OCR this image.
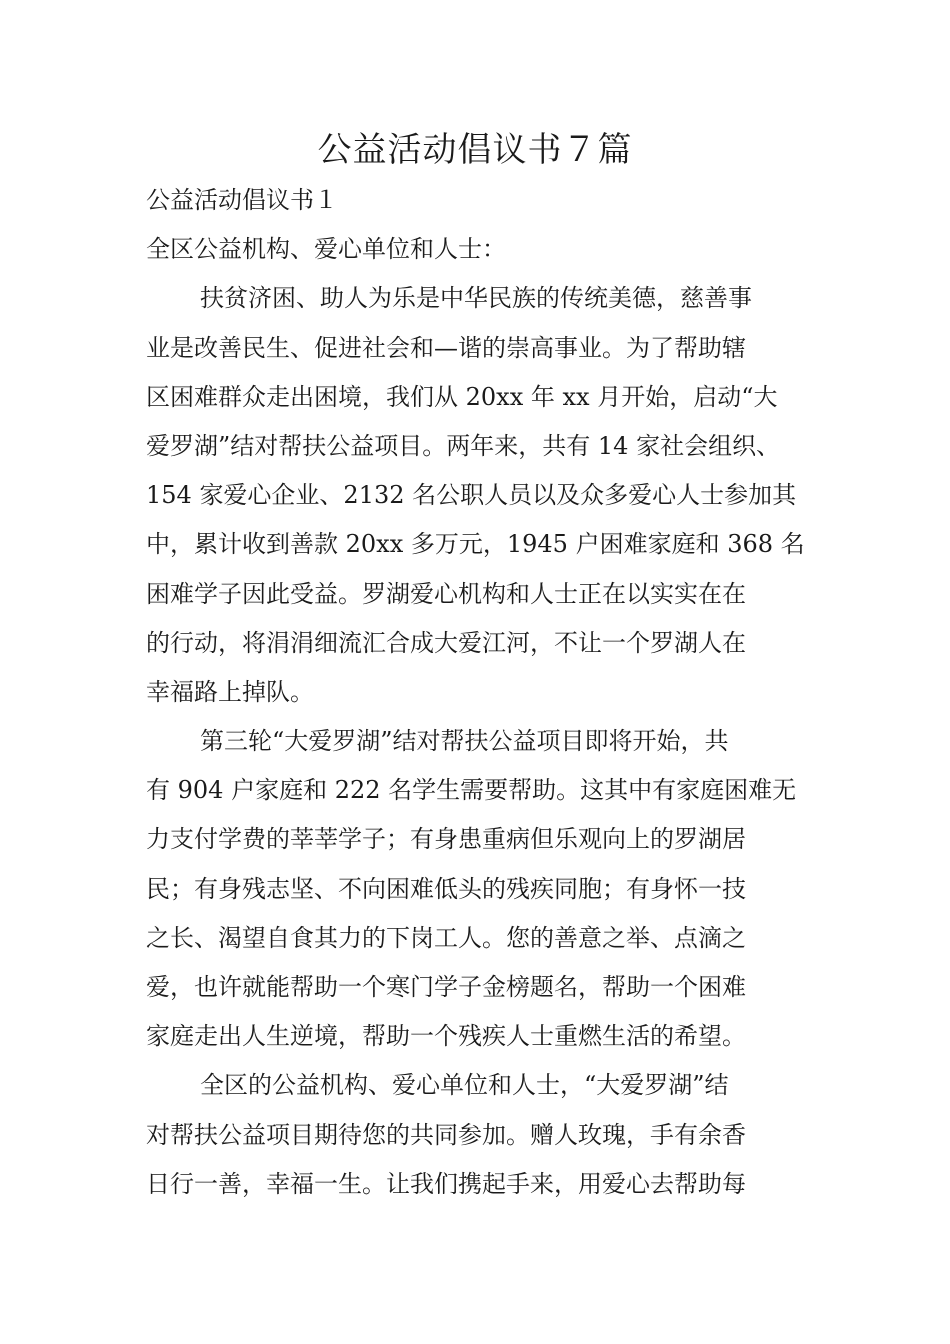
公益活动倡议书７篇

公益活动倡议书１

全区公益机构、爱心单位和人士：

扶贫济困、助人为乐是中华民族的传统美德，慈善事

业是改善民生、促进社会和—谐的崇高事业。为了帮助辖

区困难群众走出困境，我们从 20xx 年 xx 月开始，启动“大

爱罗湖”结对帮扶公益项目。两年来，共有 14 家社会组织、

154 家爱心企业、2132 名公职人员以及众多爱心人士参加其

中，累计收到善款 20xx 多万元，1945 户困难家庭和 368 名

困难学子因此受益。罗湖爱心机构和人士正在以实实在在

的行动，将涓涓细流汇合成大爱江河，不让一个罗湖人在

幸福路上掉队。

第三轮“大爱罗湖”结对帮扶公益项目即将开始，共

有 904 户家庭和 222 名学生需要帮助。这其中有家庭困难无

力支付学费的莘莘学子；有身患重病但乐观向上的罗湖居

民；有身残志坚、不向困难低头的残疾同胞；有身怀一技

之长、渴望自食其力的下岗工人。您的善意之举、点滴之

爱，也许就能帮助一个寒门学子金榜题名，帮助一个困难

家庭走出人生逆境，帮助一个残疾人士重燃生活的希望。

全区的公益机构、爱心单位和人士，“大爱罗湖”结

对帮扶公益项目期待您的共同参加。赠人玫瑰，手有余香

日行一善，幸福一生。让我们携起手来，用爱心去帮助每
